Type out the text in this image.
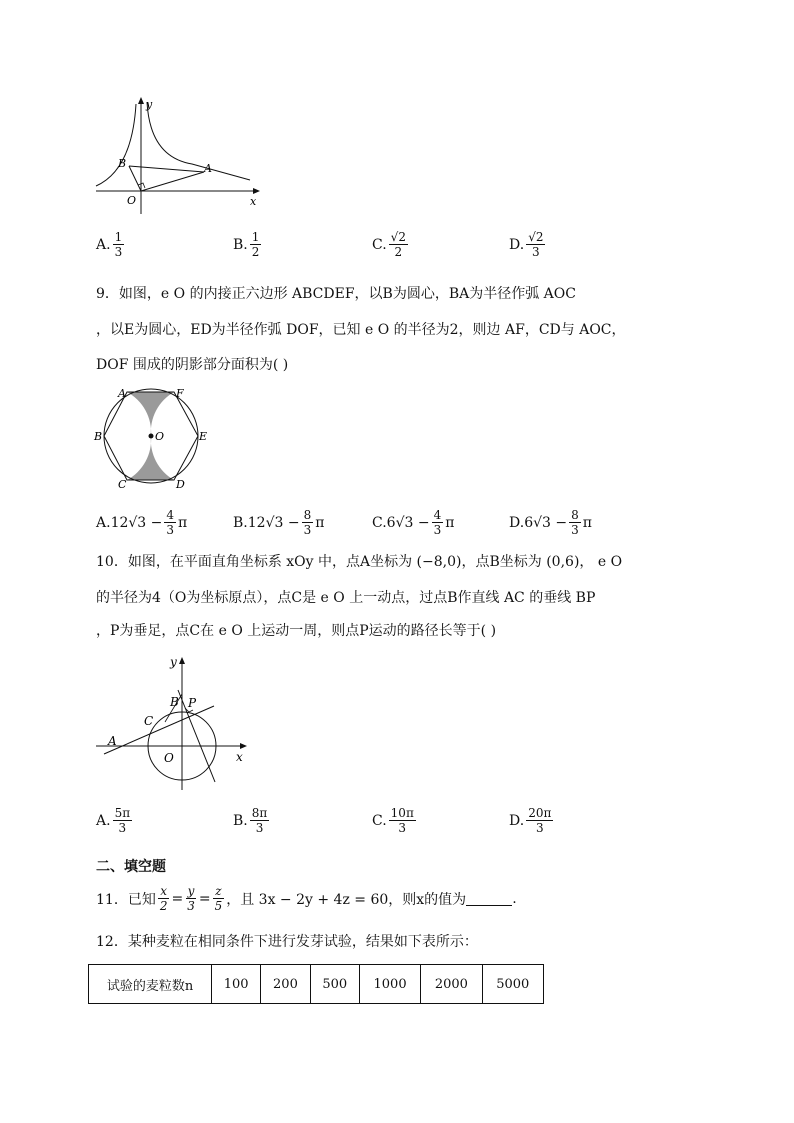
y
x
O
B	A
A. $\frac{1}{3}$	B. $\frac{1}{2}$	C. $\frac{√2}{2}$	D. $\frac{√2}{3}$
9．如图，e O 的内接正六边形 ABCDEF，以B为圆心，BA为半径作弧 AOC
，以E为圆心，ED为半径作弧 DOF，已知 e O 的半径为2，则边 AF，CD与 AOC，
DOF 围成的阴影部分面积为( )
A	F
B	E
C	D
O
A. $12√3 - \frac{4}{3}$ π	B. $12√3 - \frac{8}{3}$ π	C. $6√3 - \frac{4}{3}$ π	D. $6√3 - \frac{8}{3}$ π
10．如图，在平面直角坐标系 xOy 中，点A坐标为 (−8,0)，点B坐标为 (0,6)， e O
的半径为4（O为坐标原点），点C是 e O 上一动点，过点B作直线 AC 的垂线 BP
，P为垂足，点C在 e O 上运动一周，则点P运动的路径长等于( )
y
x
O
A
B
C
P
A. $\frac{5\pi}{3}$	B. $\frac{8\pi}{3}$	C. $\frac{10\pi}{3}$	D. $\frac{20\pi}{3}$
二、填空题
11．已知 $\frac{x}{2} = \frac{y}{3} = \frac{z}{5}$ ，且 3x − 2y + 4z = 60，则x的值为	.
12．某种麦粒在相同条件下进行发芽试验，结果如下表所示：
试验的麦粒数n	100	200	500	1000	2000	5000
